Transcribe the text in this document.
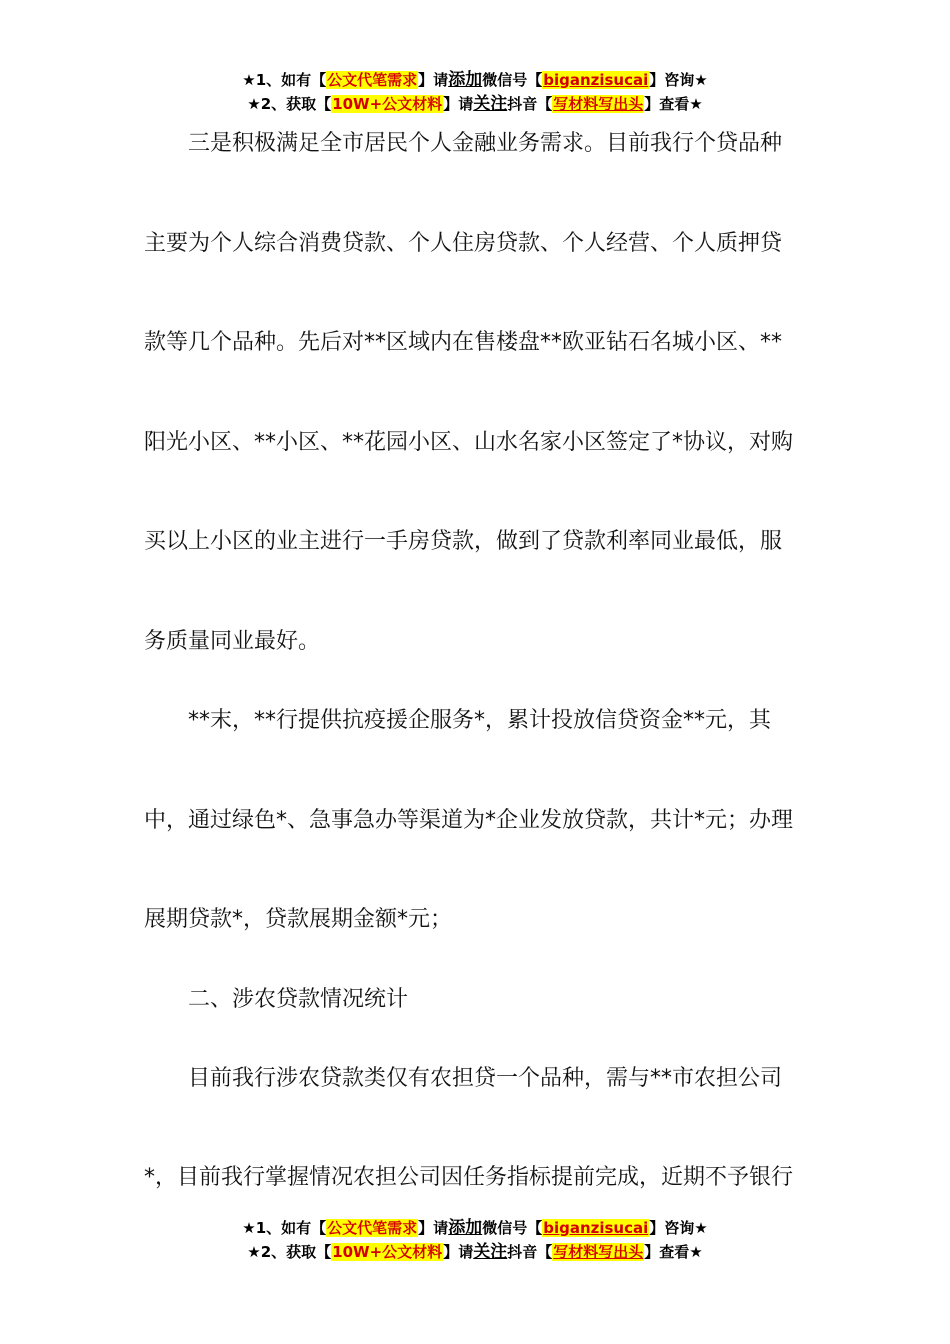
★1、如有【公文代笔需求】请添加微信号【biganzisucai】咨询★
★2、获取【10W+公文材料】请关注抖音【写材料写出头】查看★
三是积极满足全市居民个人金融业务需求。目前我行个贷品种
主要为个人综合消费贷款、个人住房贷款、个人经营、个人质押贷
款等几个品种。先后对**区域内在售楼盘**欧亚钻石名城小区、**
阳光小区、**小区、**花园小区、山水名家小区签定了*协议，对购
买以上小区的业主进行一手房贷款，做到了贷款利率同业最低，服
务质量同业最好。
**末，**行提供抗疫援企服务*，累计投放信贷资金**元，其
中，通过绿色*、急事急办等渠道为*企业发放贷款，共计*元；办理
展期贷款*，贷款展期金额*元；
二、涉农贷款情况统计
目前我行涉农贷款类仅有农担贷一个品种，需与**市农担公司
*，目前我行掌握情况农担公司因任务指标提前完成，近期不予银行
★1、如有【公文代笔需求】请添加微信号【biganzisucai】咨询★
★2、获取【10W+公文材料】请关注抖音【写材料写出头】查看★
